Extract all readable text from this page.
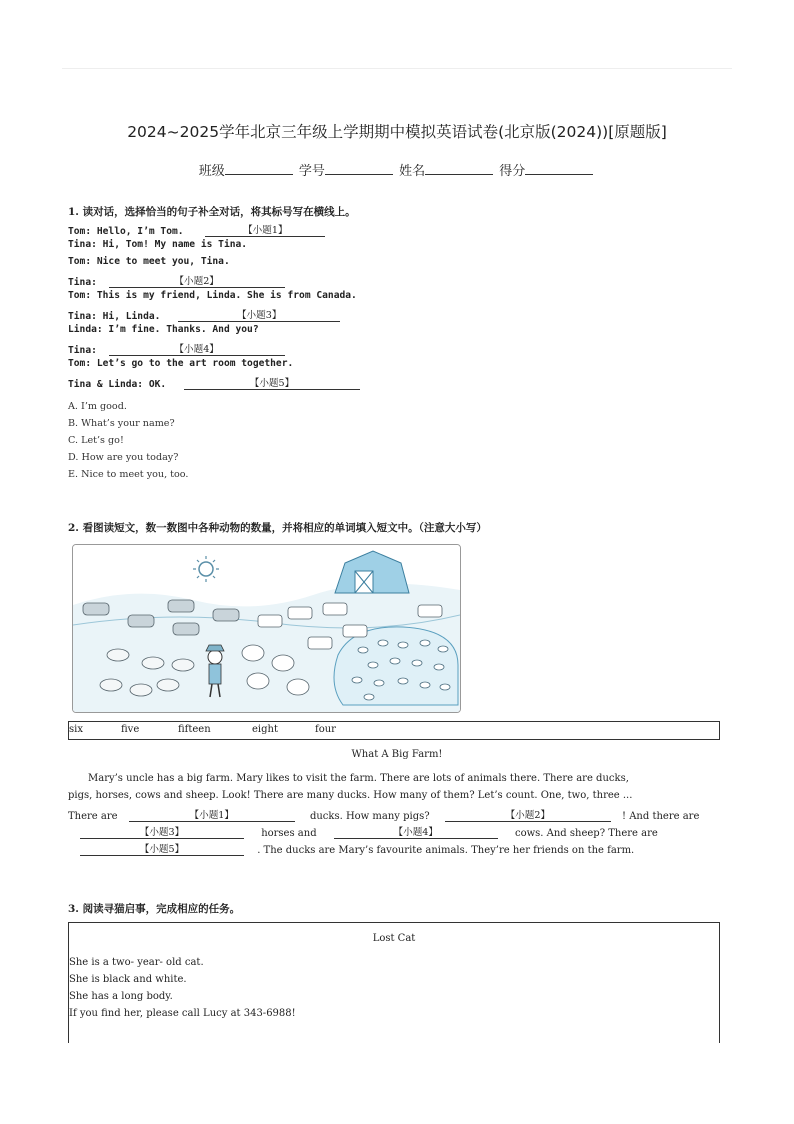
2024~2025学年北京三年级上学期期中模拟英语试卷(北京版(2024))[原题版]
班级	学号	姓名	得分
1. 读对话，选择恰当的句子补全对话，将其标号写在横线上。
Tom: Hello, I’m Tom.	【小题1】
Tina: Hi, Tom! My name is Tina.
Tom: Nice to meet you, Tina.
Tina:	【小题2】
Tom: This is my friend, Linda. She is from Canada.
Tina: Hi, Linda.	【小题3】
Linda: I’m fine. Thanks. And you?
Tina:	【小题4】
Tom: Let’s go to the art room together.
Tina & Linda: OK.	【小题5】
A. I’m good.
B. What’s your name?
C. Let’s go!
D. How are you today?
E. Nice to meet you, too.
2. 看图读短文，数一数图中各种动物的数量，并将相应的单词填入短文中。（注意大小写）
six	five	fifteen	eight	four
What A Big Farm!
Mary’s uncle has a big farm. Mary likes to visit the farm. There are lots of animals there. There are ducks,
pigs, horses, cows and sheep. Look! There are many ducks. How many of them? Let’s count. One, two, three ...
There are	【小题1】	ducks. How many pigs?	【小题2】	! And there are
【小题3】	horses and	【小题4】	cows. And sheep? There are
【小题5】	. The ducks are Mary’s favourite animals. They’re her friends on the farm.
3. 阅读寻猫启事，完成相应的任务。
Lost Cat
She is a two- year- old cat.
She is black and white.
She has a long body.
If you find her, please call Lucy at 343-6988!
